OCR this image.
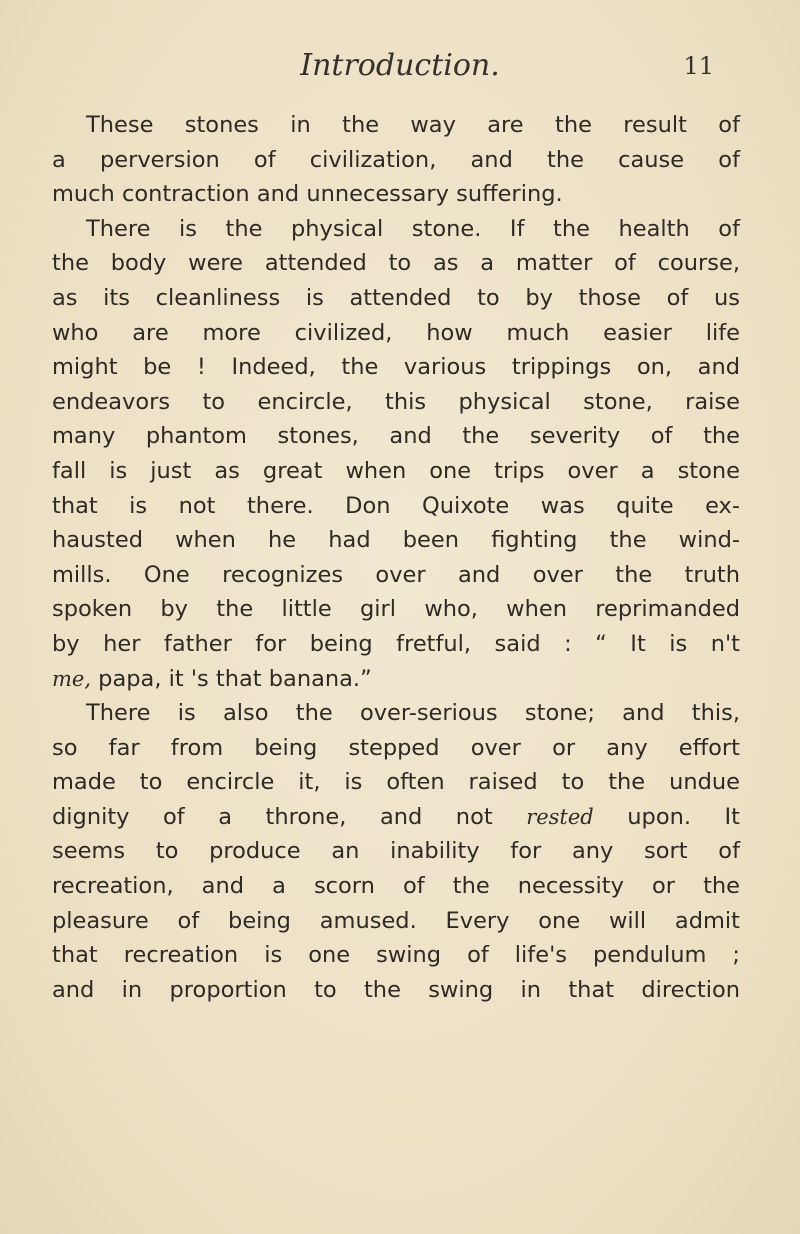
Introduction.	11
These stones in the way are the result of
a perversion of civilization, and the cause of
much contraction and unnecessary suffering.
There is the physical stone. If the health of
the body were attended to as a matter of course,
as its cleanliness is attended to by those of us
who are more civilized, how much easier life
might be ! Indeed, the various trippings on, and
endeavors to encircle, this physical stone, raise
many phantom stones, and the severity of the
fall is just as great when one trips over a stone
that is not there. Don Quixote was quite ex-
hausted when he had been fighting the wind-
mills. One recognizes over and over the truth
spoken by the little girl who, when reprimanded
by her father for being fretful, said : “ It is n't
me, papa, it 's that banana.”
There is also the over-serious stone; and this,
so far from being stepped over or any effort
made to encircle it, is often raised to the undue
dignity of a throne, and not rested upon. It
seems to produce an inability for any sort of
recreation, and a scorn of the necessity or the
pleasure of being amused. Every one will admit
that recreation is one swing of life's pendulum ;
and in proportion to the swing in that direction
